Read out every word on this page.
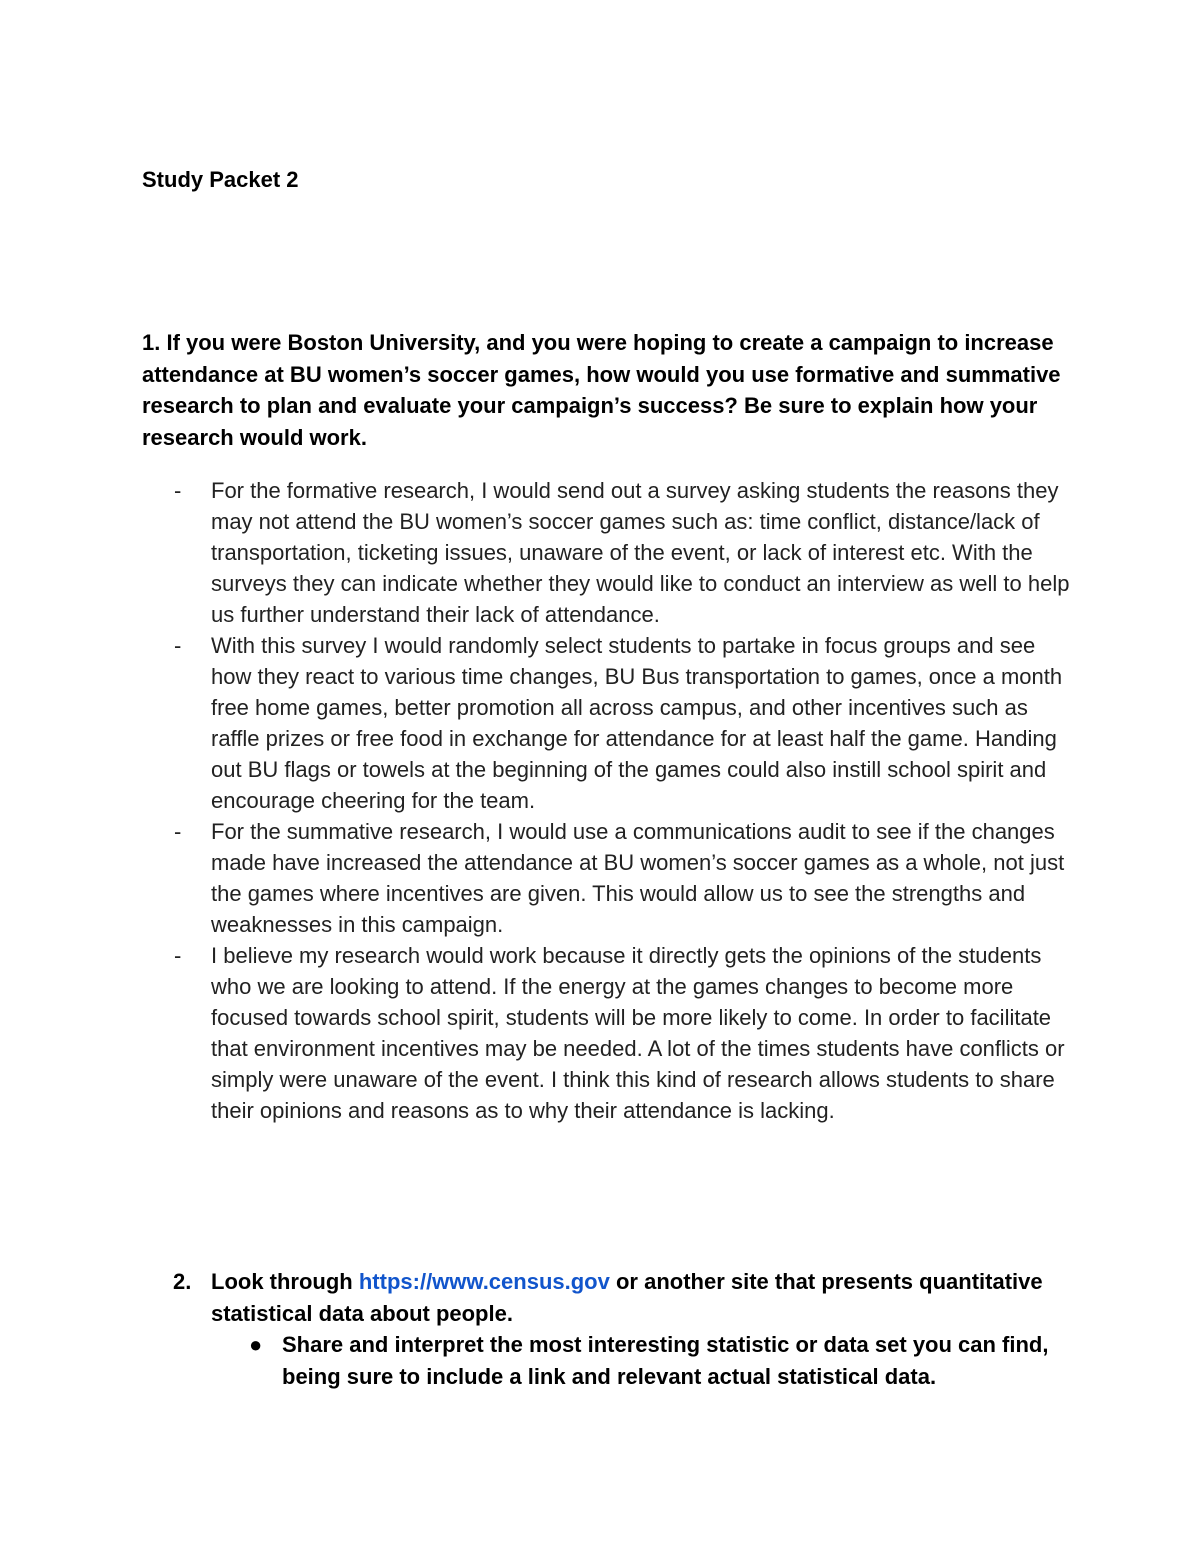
Study Packet 2

1. If you were Boston University, and you were hoping to create a campaign to increase attendance at BU women’s soccer games, how would you use formative and summative research to plan and evaluate your campaign’s success? Be sure to explain how your research would work.

- For the formative research, I would send out a survey asking students the reasons they may not attend the BU women’s soccer games such as: time conflict, distance/lack of transportation, ticketing issues, unaware of the event, or lack of interest etc. With the surveys they can indicate whether they would like to conduct an interview as well to help us further understand their lack of attendance.
- With this survey I would randomly select students to partake in focus groups and see how they react to various time changes, BU Bus transportation to games, once a month free home games, better promotion all across campus, and other incentives such as raffle prizes or free food in exchange for attendance for at least half the game. Handing out BU flags or towels at the beginning of the games could also instill school spirit and encourage cheering for the team.
- For the summative research, I would use a communications audit to see if the changes made have increased the attendance at BU women’s soccer games as a whole, not just the games where incentives are given. This would allow us to see the strengths and weaknesses in this campaign.
- I believe my research would work because it directly gets the opinions of the students who we are looking to attend. If the energy at the games changes to become more focused towards school spirit, students will be more likely to come. In order to facilitate that environment incentives may be needed. A lot of the times students have conflicts or simply were unaware of the event. I think this kind of research allows students to share their opinions and reasons as to why their attendance is lacking.
2. Look through https://www.census.gov or another site that presents quantitative statistical data about people.
● Share and interpret the most interesting statistic or data set you can find, being sure to include a link and relevant actual statistical data.
